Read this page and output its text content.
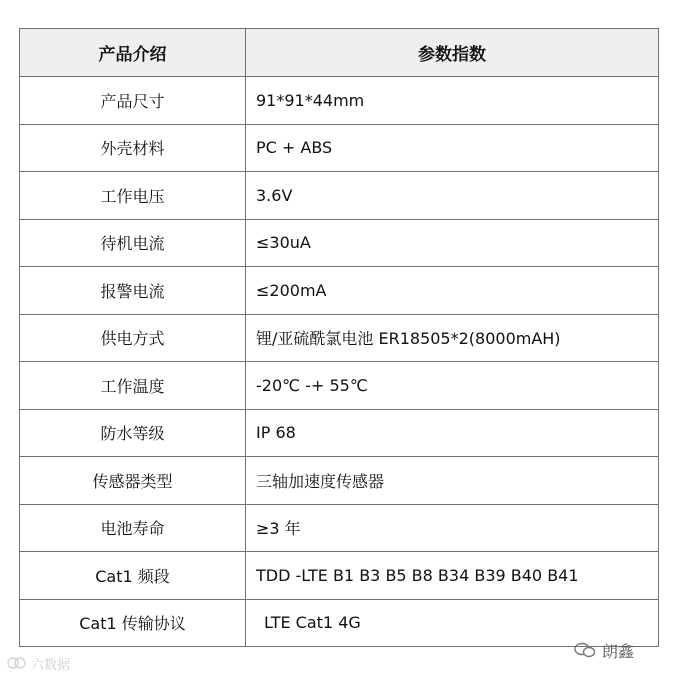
产品介绍	参数指数
产品尺寸	91*91*44mm
外壳材料	PC + ABS
工作电压	3.6V
待机电流	≤30uA
报警电流	≤200mA
供电方式	锂/亚硫酰氯电池 ER18505*2(8000mAH)
工作温度	-20℃ -+ 55℃
防水等级	IP 68
传感器类型	三轴加速度传感器
电池寿命	≥3 年
Cat1 频段	TDD -LTE B1 B3 B5 B8 B34 B39 B40 B41
Cat1 传输协议	LTE Cat1 4G
六数据
朗鑫
